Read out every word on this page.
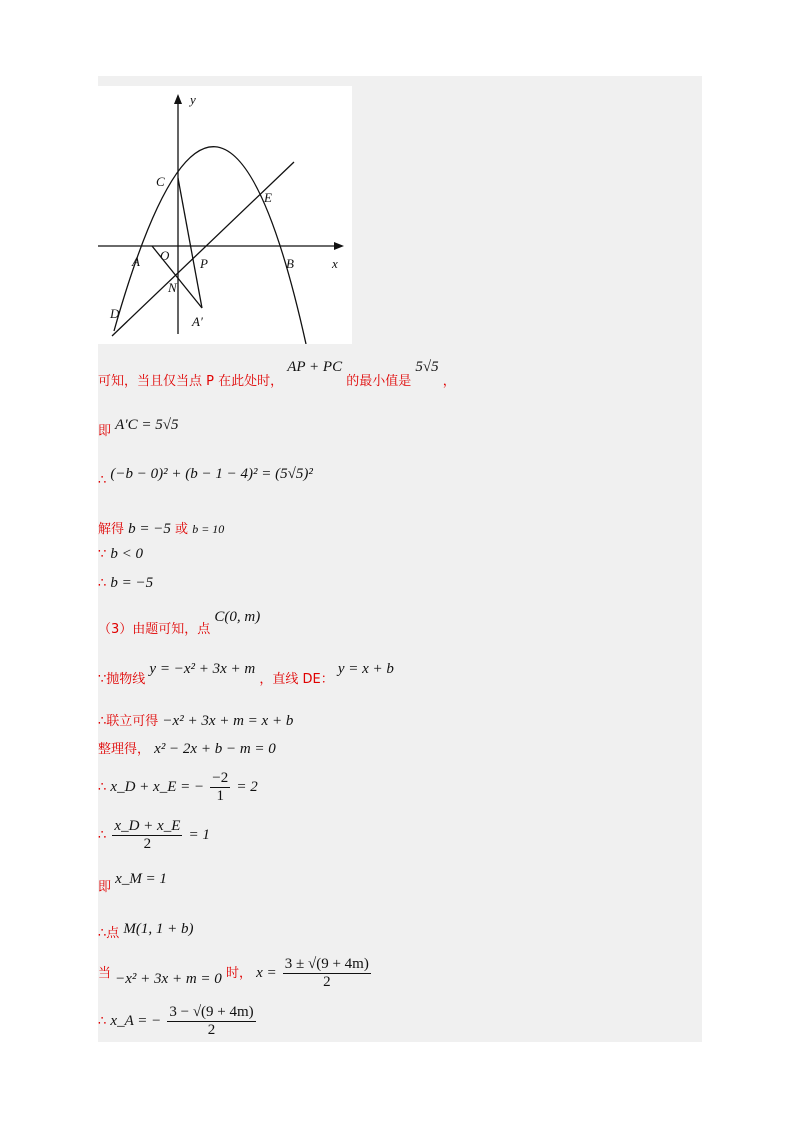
y
x
C
E
A O
P	B
N
D
A′
可知，当且仅当点 P 在此处时， AP + PC 的最小值是 5√5 ，
即 A′C = 5√5
∴ (−b − 0)² + (b − 1 − 4)² = (5√5)²
解得 b = −5 或 b = 10
∵ b < 0
∴ b = −5
（3）由题可知，点 C(0, m)
∵抛物线 y = −x² + 3x + m ，直线 DE： y = x + b
∴联立可得 −x² + 3x + m = x + b
整理得， x² − 2x + b − m = 0
∴ x_D + x_E = − $\frac{-2}{1} = 2$
∴ $\frac{x\_D + x\_E}{2} = 1$
即 x_M = 1
∴点 M(1, 1 + b)
当 −x² + 3x + m = 0 时， $x = \frac{3 \pm √(9 + 4m)}{2}$
∴ x_A = − $\frac{3 - √(9 + 4m)}{2}$
